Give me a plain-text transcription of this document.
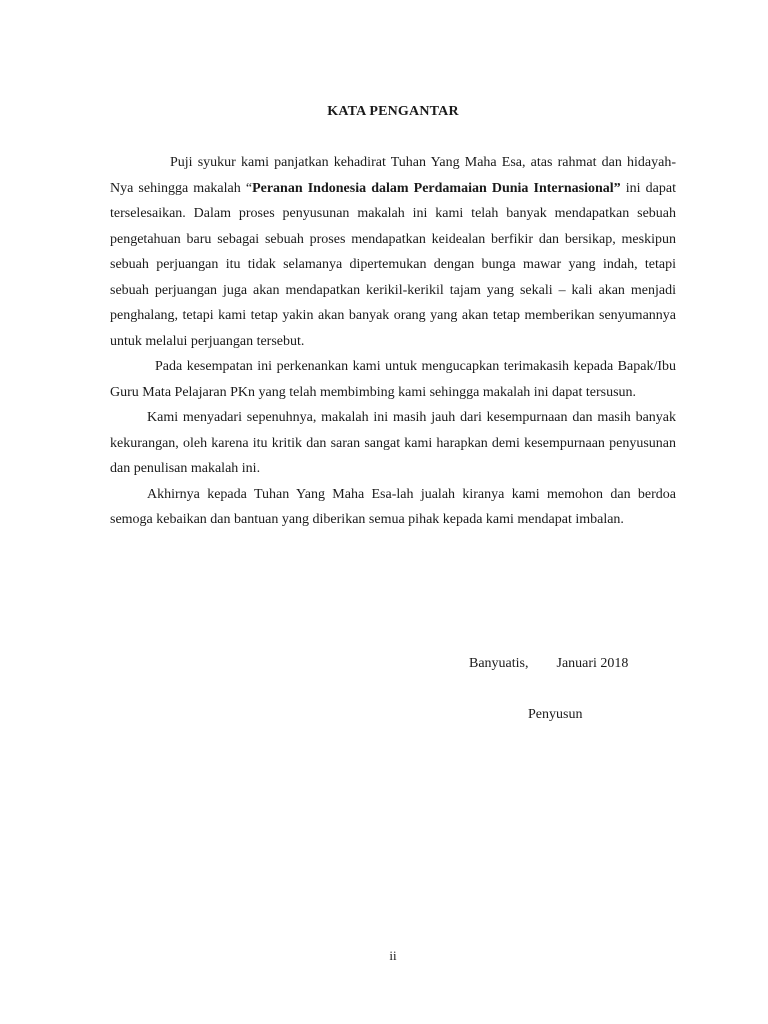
KATA PENGANTAR

Puji syukur kami panjatkan kehadirat Tuhan Yang Maha Esa, atas rahmat dan hidayah-Nya sehingga makalah “Peranan Indonesia dalam Perdamaian Dunia Internasional” ini dapat terselesaikan. Dalam proses penyusunan makalah ini kami telah banyak mendapatkan sebuah pengetahuan baru sebagai sebuah proses mendapatkan keidealan berfikir dan bersikap, meskipun sebuah perjuangan itu tidak selamanya dipertemukan dengan bunga mawar yang indah, tetapi sebuah perjuangan juga akan mendapatkan kerikil-kerikil tajam yang sekali – kali akan menjadi penghalang, tetapi kami tetap yakin akan banyak orang yang akan tetap memberikan senyumannya untuk melalui perjuangan tersebut.

Pada kesempatan ini perkenankan kami untuk mengucapkan terimakasih kepada Bapak/Ibu Guru Mata Pelajaran PKn yang telah membimbing kami sehingga makalah ini dapat tersusun.

Kami menyadari sepenuhnya, makalah ini masih jauh dari kesempurnaan dan masih banyak kekurangan, oleh karena itu kritik dan saran sangat kami harapkan demi kesempurnaan penyusunan dan penulisan makalah ini.

Akhirnya kepada Tuhan Yang Maha Esa-lah jualah kiranya kami memohon dan berdoa semoga kebaikan dan bantuan yang diberikan semua pihak kepada kami mendapat imbalan.

Banyuatis, Januari 2018
Penyusun
ii
